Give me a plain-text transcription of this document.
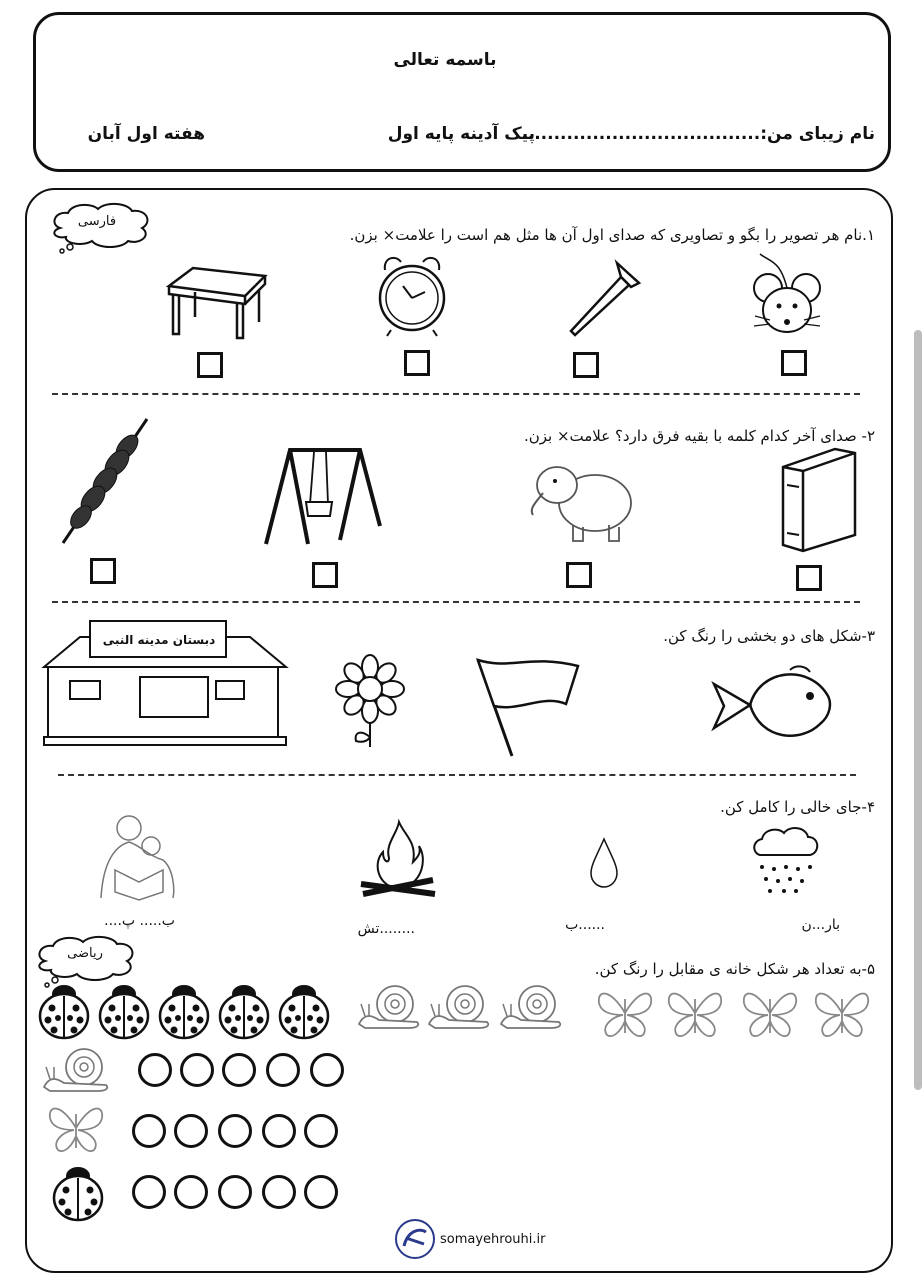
باسمه تعالی
نام زیبای من:.....................................
پیک آدینه پایه اول
هفته اول آبان
فارسی
۱.نام هر تصویر را بگو و تصاویری که صدای اول آن ها مثل هم است را علامت× بزن.
۲- صدای آخر کدام کلمه با بقیه فرق دارد؟ علامت× بزن.
۳-شکل های دو بخشی را رنگ کن.
دبستان مدینه النبی
۴-جای خالی را کامل کن.
بار...ن
......ب
........تش
ب..... پ....
ریاضی
۵-به تعداد هر شکل خانه ی مقابل را رنگ کن.
somayehrouhi.ir
